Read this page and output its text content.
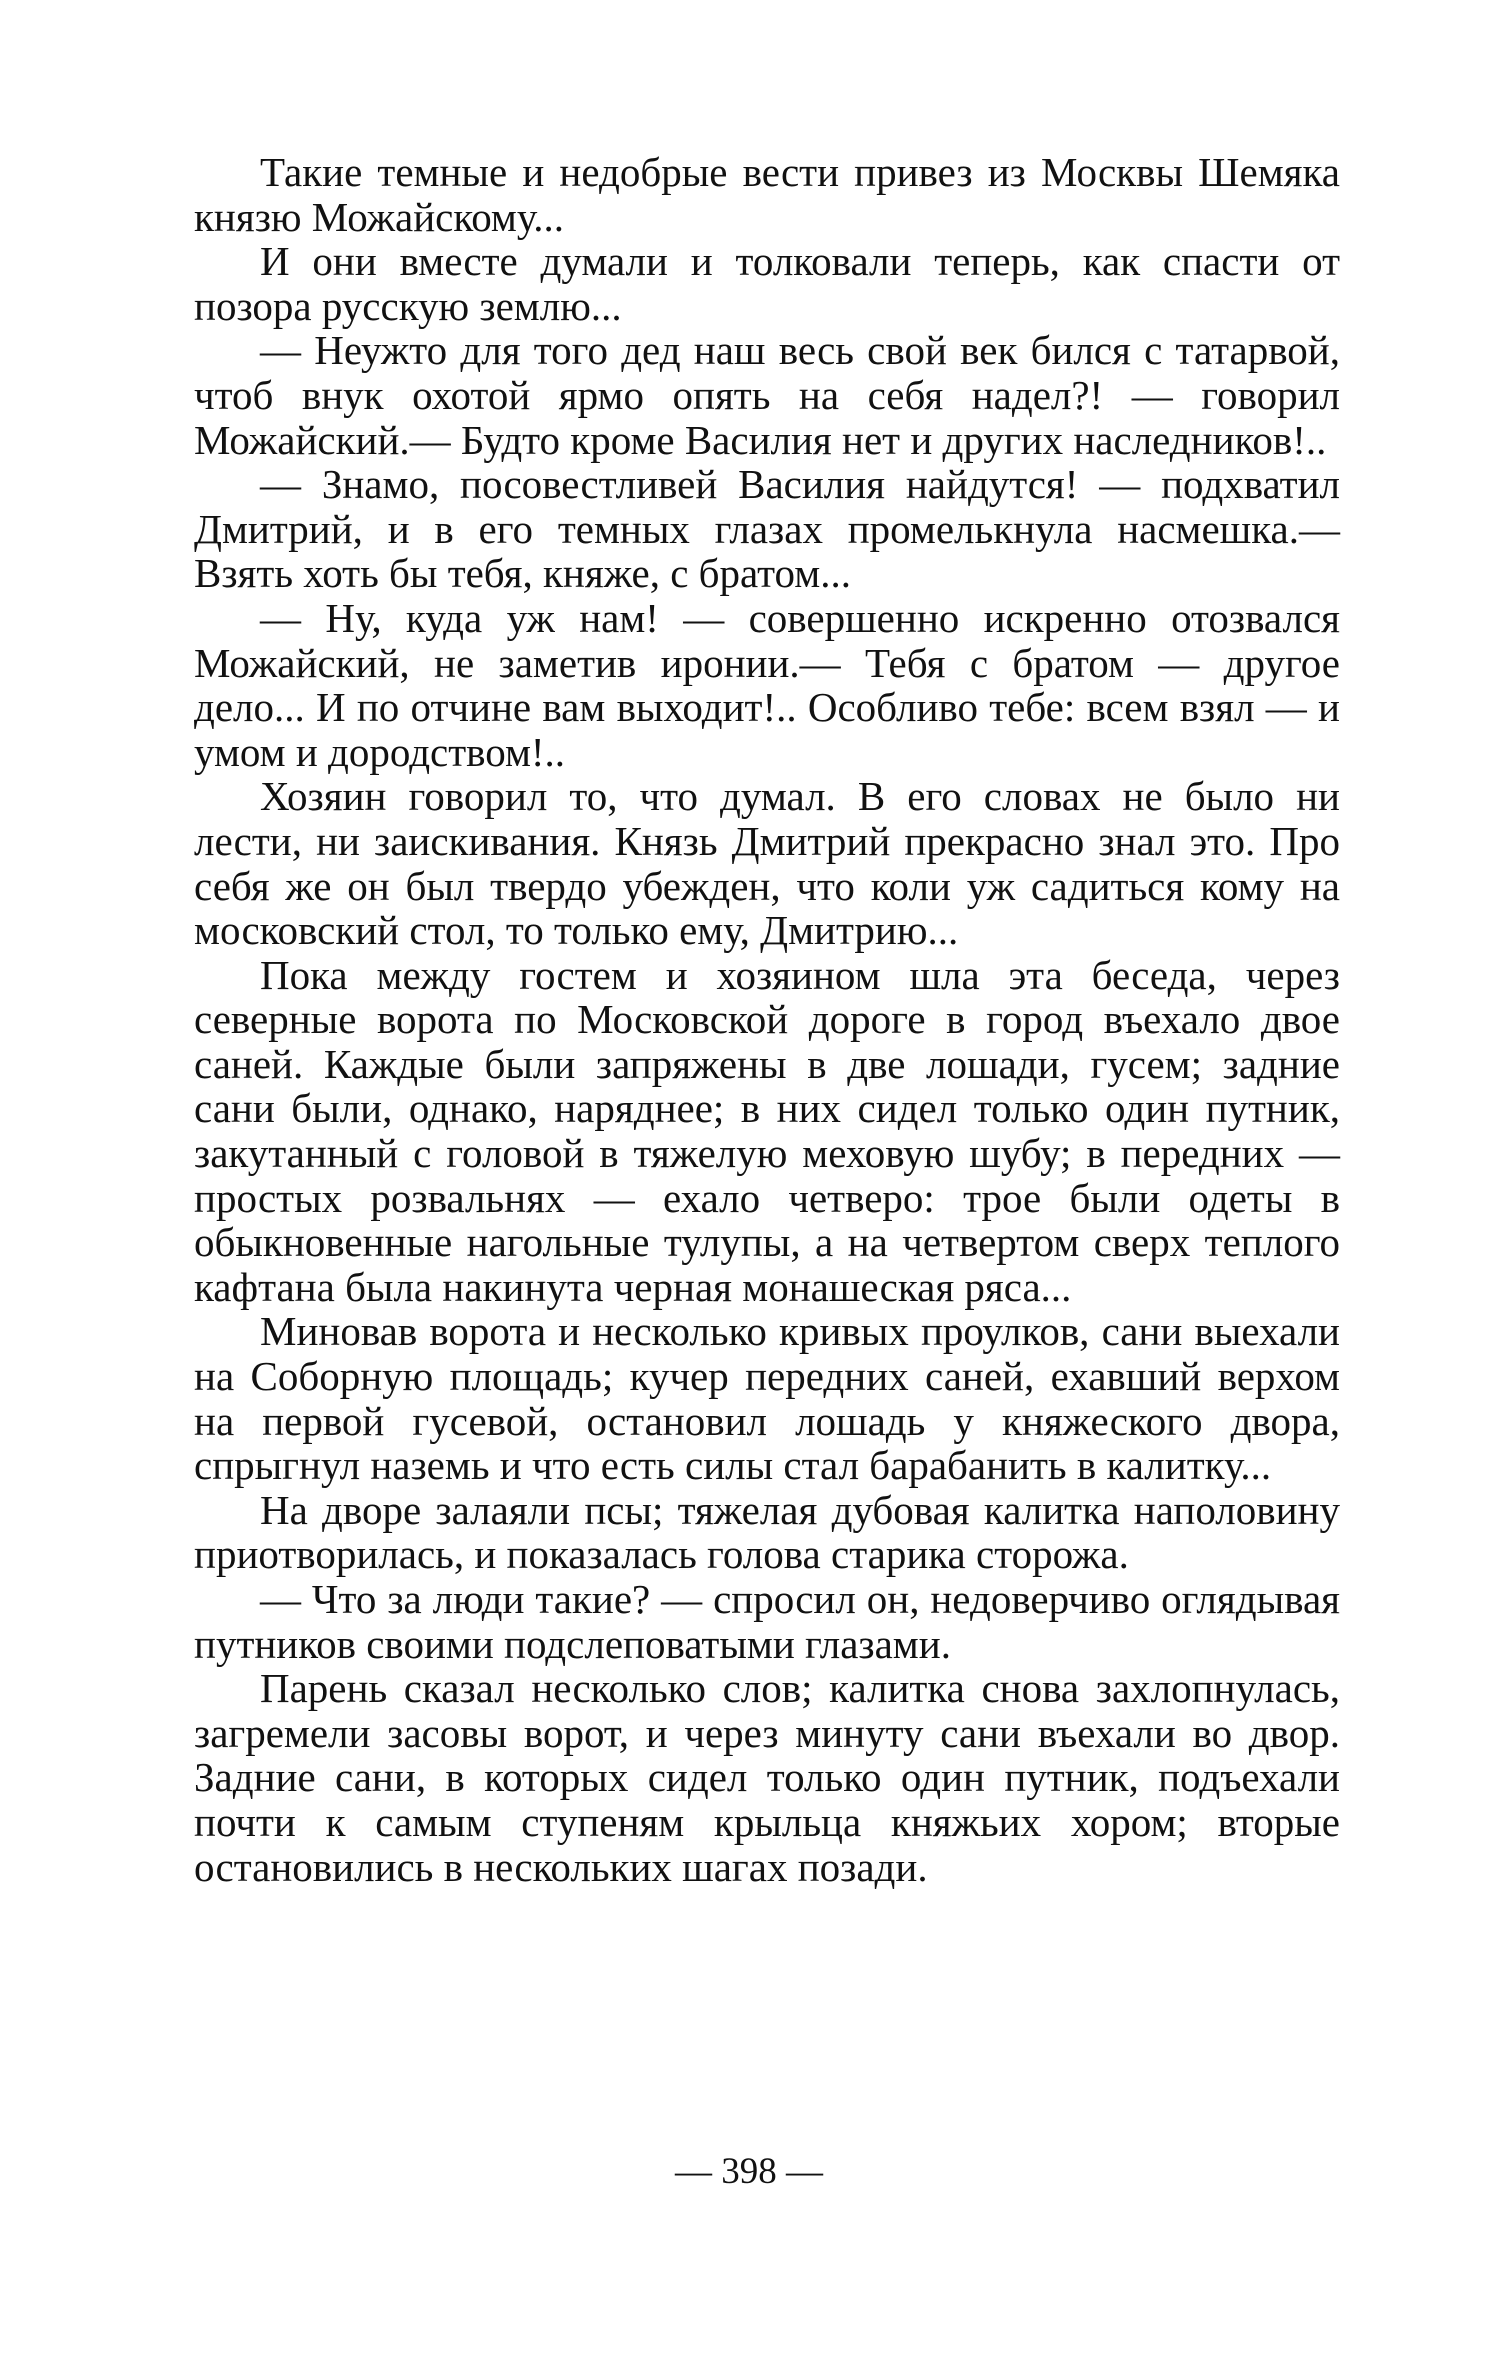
Такие темные и недобрые вести привез из Москвы Шемяка князю Можайскому...

И они вместе думали и толковали теперь, как спасти от позора русскую землю...

— Неужто для того дед наш весь свой век бился с татарвой, чтоб внук охотой ярмо опять на себя надел?! — говорил Можайский.— Будто кроме Василия нет и других наследников!..

— Знамо, посовестливей Василия найдутся! — подхватил Дмитрий, и в его темных глазах промелькнула насмешка.— Взять хоть бы тебя, княже, с братом...

— Ну, куда уж нам! — совершенно искренно отозвался Можайский, не заметив иронии.— Тебя с братом — другое дело... И по отчине вам выходит!.. Особливо тебе: всем взял — и умом и дородством!..

Хозяин говорил то, что думал. В его словах не было ни лести, ни заискивания. Князь Дмитрий прекрасно знал это. Про себя же он был твердо убежден, что коли уж садиться кому на московский стол, то только ему, Дмитрию...

Пока между гостем и хозяином шла эта беседа, через северные ворота по Московской дороге в город въехало двое саней. Каждые были запряжены в две лошади, гусем; задние сани были, однако, наряднее; в них сидел только один путник, закутанный с головой в тяжелую меховую шубу; в передних — простых розвальнях — ехало четверо: трое были одеты в обыкновенные нагольные тулупы, а на четвертом сверх теплого кафтана была накинута черная монашеская ряса...

Миновав ворота и несколько кривых проулков, сани выехали на Соборную площадь; кучер передних саней, ехавший верхом на первой гусевой, остановил лошадь у княжеского двора, спрыгнул наземь и что есть силы стал барабанить в калитку...

На дворе залаяли псы; тяжелая дубовая калитка наполовину приотворилась, и показалась голова старика сторожа.

— Что за люди такие? — спросил он, недоверчиво оглядывая путников своими подслеповатыми глазами.

Парень сказал несколько слов; калитка снова захлопнулась, загремели засовы ворот, и через минуту сани въехали во двор. Задние сани, в которых сидел только один путник, подъехали почти к самым ступеням крыльца княжьих хором; вторые остановились в нескольких шагах позади.

— 398 —
